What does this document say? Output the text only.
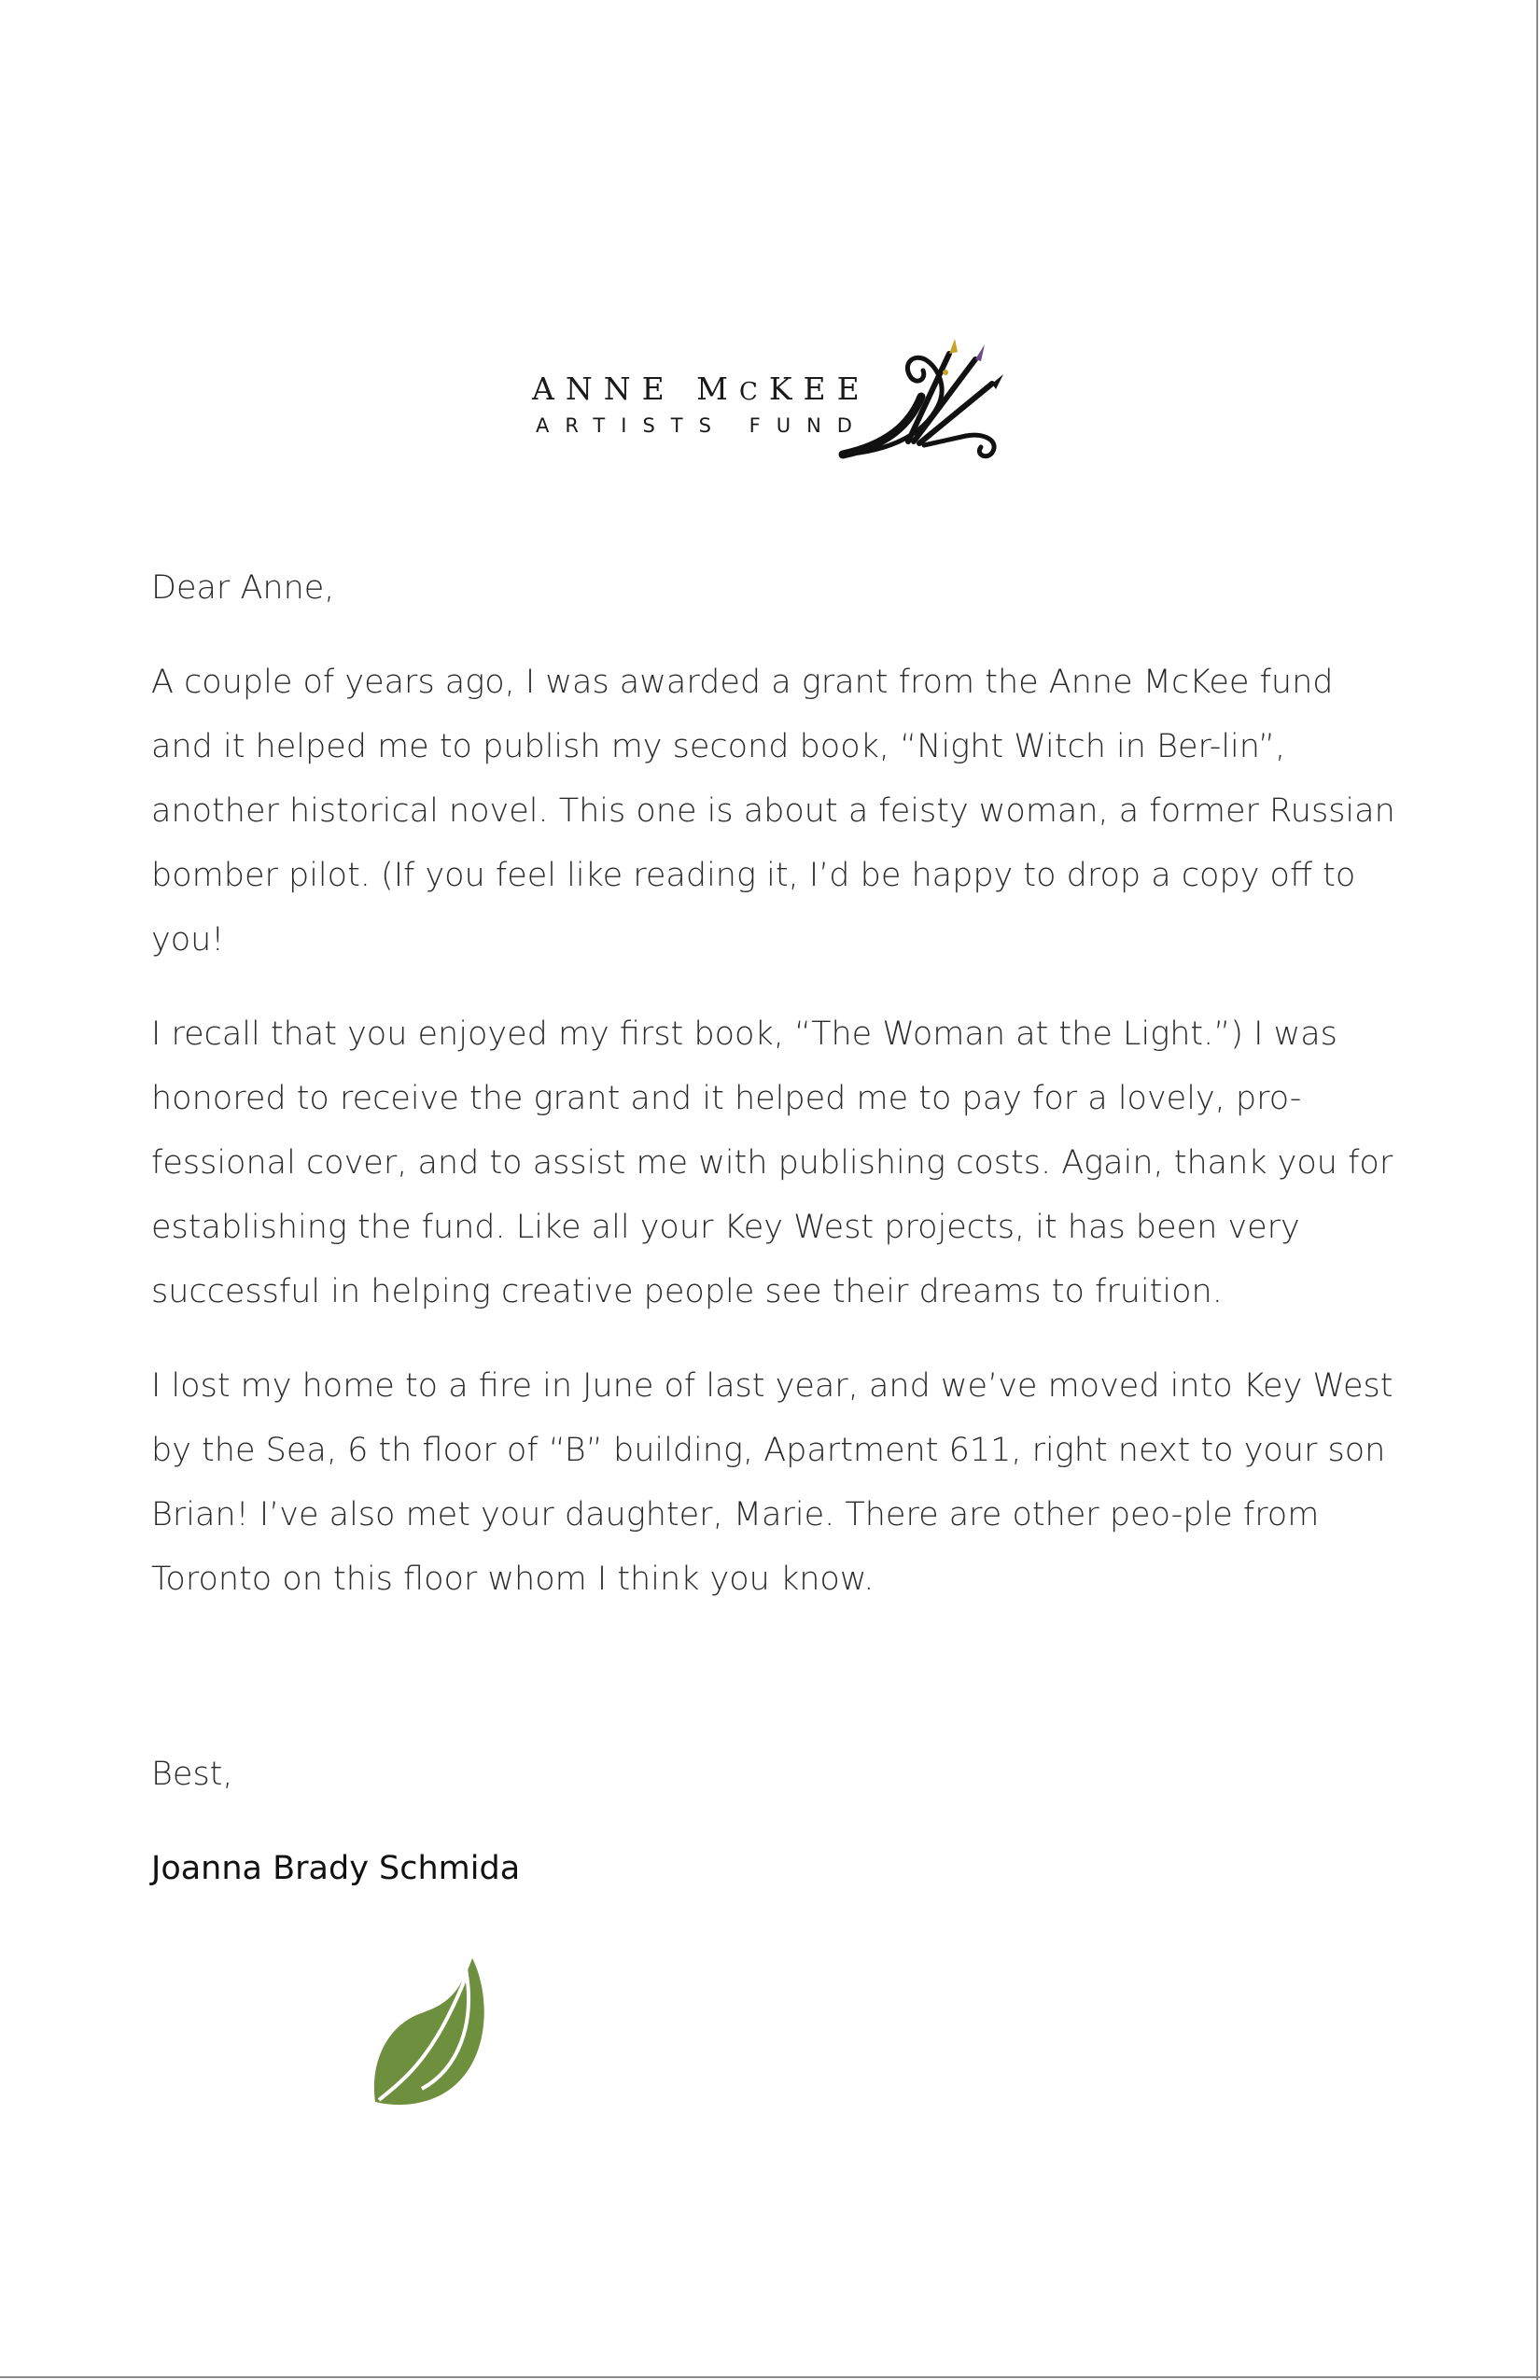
ANNE MCKEE
ARTISTS FUND

Dear Anne,

A couple of years ago, I was awarded a grant from the Anne McKee fund and it helped me to publish my second book, “Night Witch in Ber-lin”, another historical novel. This one is about a feisty woman, a former Russian bomber pilot. (If you feel like reading it, I’d be happy to drop a copy off to you!

I recall that you enjoyed my first book, “The Woman at the Light.”) I was honored to receive the grant and it helped me to pay for a lovely, pro-fessional cover, and to assist me with publishing costs. Again, thank you for establishing the fund. Like all your Key West projects, it has been very successful in helping creative people see their dreams to fruition.

I lost my home to a fire in June of last year, and we’ve moved into Key West by the Sea, 6 th floor of “B” building, Apartment 611, right next to your son Brian! I’ve also met your daughter, Marie. There are other peo-ple from Toronto on this floor whom I think you know.

Best,

Joanna Brady Schmida
